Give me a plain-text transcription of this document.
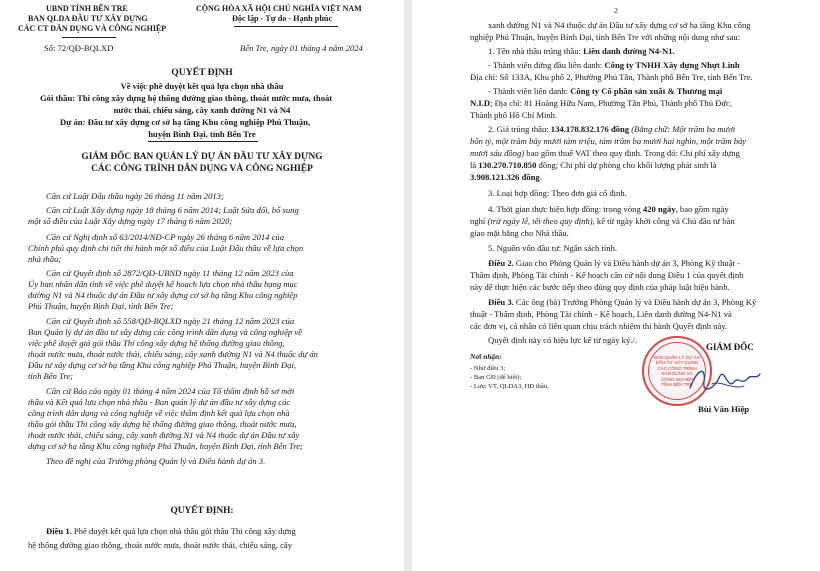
UBND TỈNH BẾN TRE
BAN QLDA ĐẦU TƯ XÂY DỰNG
CÁC CT DÂN DỤNG VÀ CÔNG NGHIỆP
Số: 72/QĐ-BQLXD
CỘNG HÒA XÃ HỘI CHỦ NGHĨA VIỆT NAM
Độc lập - Tự do - Hạnh phúc
Bến Tre, ngày 01 tháng 4 năm 2024
QUYẾT ĐỊNH
Về việc phê duyệt kết quả lựa chọn nhà thầu
Gói thầu: Thi công xây dựng hệ thống đường giao thông, thoát nước mưa, thoát
nước thải, chiếu sáng, cây xanh đường N1 và N4
Dự án: Đầu tư xây dựng cơ sở hạ tầng Khu công nghiệp Phú Thuận,
huyện Bình Đại, tỉnh Bến Tre
GIÁM ĐỐC BAN QUẢN LÝ DỰ ÁN ĐẦU TƯ XÂY DỰNG
CÁC CÔNG TRÌNH DÂN DỤNG VÀ CÔNG NGHIỆP
Căn cứ Luật Đấu thầu ngày 26 tháng 11 năm 2013;
Căn cứ Luật Xây dựng ngày 18 tháng 6 năm 2014; Luật Sửa đổi, bổ sung
một số điều của Luật Xây dựng ngày 17 tháng 6 năm 2020;
Căn cứ Nghị định số 63/2014/NĐ-CP ngày 26 tháng 6 năm 2014 của
Chính phủ quy định chi tiết thi hành một số điều của Luật Đấu thầu về lựa chọn
nhà thầu;
Căn cứ Quyết định số 2872/QĐ-UBND ngày 11 tháng 12 năm 2023 của
Ủy ban nhân dân tỉnh về việc phê duyệt kế hoạch lựa chọn nhà thầu hạng mục
đường N1 và N4 thuộc dự án Đầu tư xây dựng cơ sở hạ tầng Khu công nghiệp
Phú Thuận, huyện Bình Đại, tỉnh Bến Tre;
Căn cứ Quyết định số 558/QĐ-BQLXD ngày 21 tháng 12 năm 2023 của
Ban Quản lý dự án đầu tư xây dựng các công trình dân dụng và công nghiệp về
việc phê duyệt giá gói thầu Thi công xây dựng hệ thống đường giao thông,
thoát nước mưa, thoát nước thải, chiếu sáng, cây xanh đường N1 và N4 thuộc dự án
Đầu tư xây dựng cơ sở hạ tầng Khu công nghiệp Phú Thuận, huyện Bình Đại,
tỉnh Bến Tre;
Căn cứ Báo cáo ngày 01 tháng 4 năm 2024 của Tổ thẩm định hồ sơ mời
thầu và Kết quả lựa chọn nhà thầu - Ban quản lý dự án đầu tư xây dựng các
công trình dân dụng và công nghiệp về việc thẩm định kết quả lựa chọn nhà
thầu gói thầu Thi công xây dựng hệ thống đường giao thông, thoát nước mưa,
thoát nước thải, chiếu sáng, cây xanh đường N1 và N4 thuộc dự án Đầu tư xây
dựng cơ sở hạ tầng Khu công nghiệp Phú Thuận, huyện Bình Đại, tỉnh Bến Tre;
Theo đề nghị của Trưởng phòng Quản lý và Điều hành dự án 3.
QUYẾT ĐỊNH:
Điều 1. Phê duyệt kết quả lựa chọn nhà thầu gói thầu Thi công xây dựng
hệ thống đường giao thông, thoát nước mưa, thoát nước thải, chiếu sáng, cây
2
xanh đường N1 và N4 thuộc dự án Đầu tư xây dựng cơ sở hạ tầng Khu công
nghiệp Phú Thuận, huyện Bình Đại, tỉnh Bến Tre với những nội dung như sau:
1. Tên nhà thầu trúng thầu: Liên danh đường N4-N1.
- Thành viên đứng đầu liên danh: Công ty TNHH Xây dựng Nhựt Linh
Địa chỉ: Số 133A, Khu phố 2, Phường Phú Tân, Thành phố Bến Tre, tỉnh Bến Tre.
- Thành viên liên danh: Công ty Cổ phần sản xuất & Thương mại
N.I.D; Địa chỉ: 81 Hoàng Hữu Nam, Phường Tân Phú, Thành phố Thủ Đức,
Thành phố Hồ Chí Minh.
2. Giá trúng thầu: 134.178.832.176 đồng (Bằng chữ: Một trăm ba mươi
bốn tỷ, một trăm bảy mươi tám triệu, tám trăm ba mươi hai nghìn, một trăm bảy
mươi sáu đồng) bao gồm thuế VAT theo quy định. Trong đó: Chi phí xây dựng
là 130.270.710.850 đồng; Chi phí dự phòng cho khối lượng phát sinh là
3.908.121.326 đồng.
3. Loại hợp đồng: Theo đơn giá cố định.
4. Thời gian thực hiện hợp đồng: trong vòng 420 ngày, bao gồm ngày
nghỉ (trừ ngày lễ, tết theo quy định), kể từ ngày khởi công và Chủ đầu tư bàn
giao mặt bằng cho Nhà thầu.
5. Nguồn vốn đầu tư: Ngân sách tỉnh.
Điều 2. Giao cho Phòng Quản lý và Điều hành dự án 3, Phòng Kỹ thuật -
Thẩm định, Phòng Tài chính - Kế hoạch căn cứ nội dung Điều 1 của quyết định
này để thực hiện các bước tiếp theo đúng quy định của pháp luật hiện hành.
Điều 3. Các ông (bà) Trưởng Phòng Quản lý và Điều hành dự án 3, Phòng Kỹ
thuật - Thẩm định, Phòng Tài chính - Kế hoạch, Liên danh đường N4-N1 và
các đơn vị, cá nhân có liên quan chịu trách nhiệm thi hành Quyết định này.
Quyết định này có hiệu lực kể từ ngày ký./.
Nơi nhận:
- Như điều 3;
- Ban GĐ (để biết);
- Lưu: VT, QLDA3, HĐ thầu.
GIÁM ĐỐC
BAN QUẢN LÝ DỰ ÁN
ĐẦU TƯ XÂY DỰNG
CÁC CÔNG TRÌNH
DÂN DỤNG VÀ
CÔNG NGHIỆP
TỈNH BẾN TRE
Bùi Văn Hiệp
